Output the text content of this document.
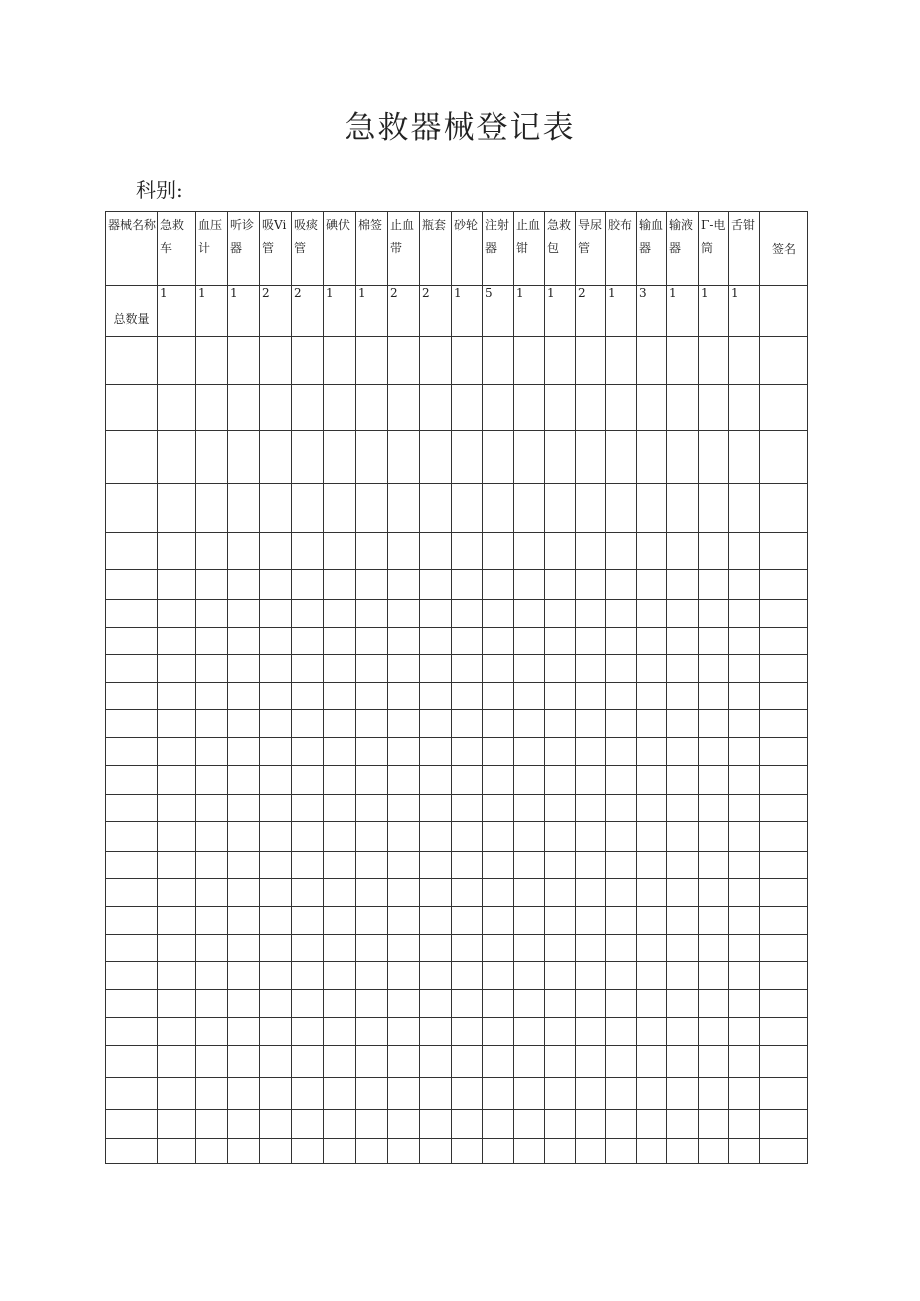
急救器械登记表
科别:
器械名称	急救车	血压计	听诊器	吸Vi管	吸痰管	碘伏	棉签	止血带	瓶套	砂轮	注射器	止血钳	急救包	导尿管	胶布	输血器	输液器	Γ-电筒	舌钳	签名

总数量	1	1	1	2	2	1	1	2	2	1	5	1	1	2	1	3	1	1	1	
